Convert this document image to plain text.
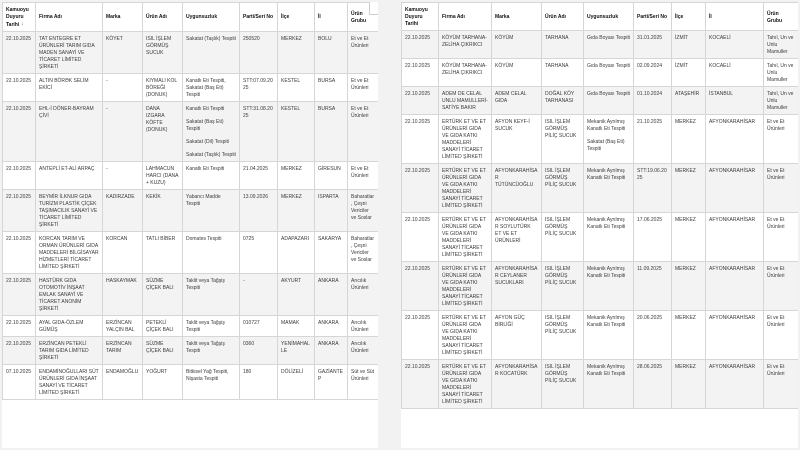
Kamuoyu Duyuru Tarihi ↓	Firma Adı	Marka	Ürün Adı	Uygunsuzluk	Parti/Seri No	İlçe	İl	Ürün Grubu
22.10.2025	TAT ENTEGRE ET ÜRÜNLERİ TARIM GIDA MADEN SANAYİ VE TİCARET LİMİTED ŞİRKETİ	KÖYET	ISIL İŞLEM GÖRMÜŞ SUCUK	Sakatat (Taşlık) Tespiti	250520	MERKEZ	BOLU	Et ve Et Ürünleri
22.10.2025	ALTIN BÖRƏK SELİM EKİCİ	-	KIYMALI KOL BÖREĞİ (DONUK)	Kanatlı Eti Tespiti, Sakatat (Baş Eti) Tespiti	STT:07.09.2025	KESTEL	BURSA	Et ve Et Ürünleri
22.10.2025	EHL-İ DÖNER-BAYRAM ÇİVİ	-	DANA IZGARA KÖFTE (DONUK)	Kanatlı Eti Tespiti
Sakatat (Baş Eti) Tespiti
Sakatat (Dil) Tespiti
Sakatat (Taşlık) Tespiti	STT:31.08.2025	KESTEL	BURSA	Et ve Et Ürünleri
22.10.2025	ANTEPLİ ET-ALİ ARPAÇ	-	LAHMACUN HARCI (DANA + KUZU)	Kanatlı Eti Tespiti	21.04.2025	MERKEZ	GİRESUN	Et ve Et Ürünleri
22.10.2025	BEYMİR İLKNUR GIDA TURİZM PLASTİK ÇİÇEK TAŞIMACILIK SANAYİ VE TİCARET LİMİTED ŞİRKETİ	KADIRZADE	KEKİK	Yabancı Madde Tespiti	13.09.2026	MERKEZ	ISPARTA	Baharatlar, Çeşni Vericiler ve Soslar
22.10.2025	KORCAN TARIM VE ORMAN ÜRÜNLERİ GIDA MADDELERİ BİLGİSAYAR HİZMETLERİ TİCARET LİMİTED ŞİRKETİ	KORCAN	TATLI BİBER	Domates Tespiti	0725	ADAPAZARI	SAKARYA	Baharatlar, Çeşni Vericiler ve Soslar
22.10.2025	HASTÜRK GIDA OTOMOTİV İNŞAAT EMLAK SANAYİ VE TİCARET ANONİM ŞİRKETİ	HASKAYMAK	SÜZME ÇİÇEK BALI	Taklit veya Tağşiş Tespiti	-	AKYURT	ANKARA	Arıcılık Ürünleri
22.10.2025	AYAL GIDA-ÖZLEM GÜMÜŞ	ERZİNCAN YALÇIN BAL	PETEKLİ ÇİÇEK BALI	Taklit veya Tağşiş Tespiti	010727	MAMAK	ANKARA	Arıcılık Ürünleri
22.10.2025	ERZİNCAN PETEKLİ TARIM GIDA LİMİTED ŞİRKETİ	ERZİNCAN TARIM	SÜZME ÇİÇEK BALI	Taklit veya Tağşiş Tespiti	0360	YENİMAHALLE	ANKARA	Arıcılık Ürünleri
07.10.2025	ENDAMİNOĞULLARI SÜT ÜRÜNLERİ GIDA İNŞAAT SANAYİ VE TİCARET LİMİTED ŞİRKETİ	ENDAMOĞLU	YOĞURT	Bitkisel Yağ Tespiti, Nişasta Tespiti	180	DÖLİZELİ	GAZİANTEP	Süt ve Süt Ürünleri
Kamuoyu Duyuru Tarihi	Firma Adı	Marka	Ürün Adı	Uygunsuzluk	Parti/Seri No	İlçe	İl	Ürün Grubu
22.10.2025	KÖYÜM TARHANA-ZELİHA ÇIKRIKCI	KÖYÜM	TARHANA	Gıda Boyası Tespiti	31.01.2025	İZMİT	KOCAELİ	Tahıl, Un ve Unlu Mamuller
22.10.2025	KÖYÜM TARHANA-ZELİHA ÇIKRIKCI	KÖYÜM	TARHANA	Gıda Boyası Tespiti	02.09.2024	İZMİT	KOCAELİ	Tahıl, Un ve Unlu Mamuller
22.10.2025	ADEM DE CELAL UNLU MAMULLERİ-SATİYE BAKIR	ADEM CELAL GIDA	DOĞAL KÖY TARHANASI	Gıda Boyası Tespiti	01.10.2024	ATAŞEHİR	İSTANBUL	Tahıl, Un ve Unlu Mamuller
22.10.2025	ERTÜRK ET VE ET ÜRÜNLERİ GIDA VE GIDA KATKI MADDELERİ SANAYİ TİCARET LİMİTED ŞİRKETİ	AFYON KEYF-İ SUCUK	ISIL İŞLEM GÖRMÜŞ PİLİÇ SUCUK	Mekanik Ayrılmış Kanatlı Eti Tespiti
Sakatat (Baş Eti) Tespiti	21.10.2025	MERKEZ	AFYONKARAHİSAR	Et ve Et Ürünleri
22.10.2025	ERTÜRK ET VE ET ÜRÜNLERİ GIDA VE GIDA KATKI MADDELERİ SANAYİ TİCARET LİMİTED ŞİRKETİ	AFYONKARAHİSAR TÜTÜNCÜOĞLU	ISIL İŞLEM GÖRMÜŞ PİLİÇ SUCUK	Mekanik Ayrılmış Kanatlı Eti Tespiti	STT:19.06.2025	MERKEZ	AFYONKARAHİSAR	Et ve Et Ürünleri
22.10.2025	ERTÜRK ET VE ET ÜRÜNLERİ GIDA VE GIDA KATKI MADDELERİ SANAYİ TİCARET LİMİTED ŞİRKETİ	AFYONKARAHİSAR SOYLUTÜRK ET VE ET ÜRÜNLERİ	ISIL İŞLEM GÖRMÜŞ PİLİÇ SUCUK	Mekanik Ayrılmış Kanatlı Eti Tespiti	17.06.2025	MERKEZ	AFYONKARAHİSAR	Et ve Et Ürünleri
22.10.2025	ERTÜRK ET VE ET ÜRÜNLERİ GIDA VE GIDA KATKI MADDELERİ SANAYİ TİCARET LİMİTED ŞİRKETİ	AFYONKARAHİSAR CEYLANER SUCUKLARI	ISIL İŞLEM GÖRMÜŞ PİLİÇ SUCUK	Mekanik Ayrılmış Kanatlı Eti Tespiti	11.09.2025	MERKEZ	AFYONKARAHİSAR	Et ve Et Ürünleri
22.10.2025	ERTÜRK ET VE ET ÜRÜNLERİ GIDA VE GIDA KATKI MADDELERİ SANAYİ TİCARET LİMİTED ŞİRKETİ	AFYON GÜÇ BİRLİĞİ	ISIL İŞLEM GÖRMÜŞ PİLİÇ SUCUK	Mekanik Ayrılmış Kanatlı Eti Tespiti	20.06.2025	MERKEZ	AFYONKARAHİSAR	Et ve Et Ürünleri
22.10.2025	ERTÜRK ET VE ET ÜRÜNLERİ GIDA VE GIDA KATKI MADDELERİ SANAYİ TİCARET LİMİTED ŞİRKETİ	AFYONKARAHİSAR KOCATÜRK	ISIL İŞLEM GÖRMÜŞ PİLİÇ SUCUK	Mekanik Ayrılmış Kanatlı Eti Tespiti	28.06.2025	MERKEZ	AFYONKARAHİSAR	Et ve Et Ürünleri
